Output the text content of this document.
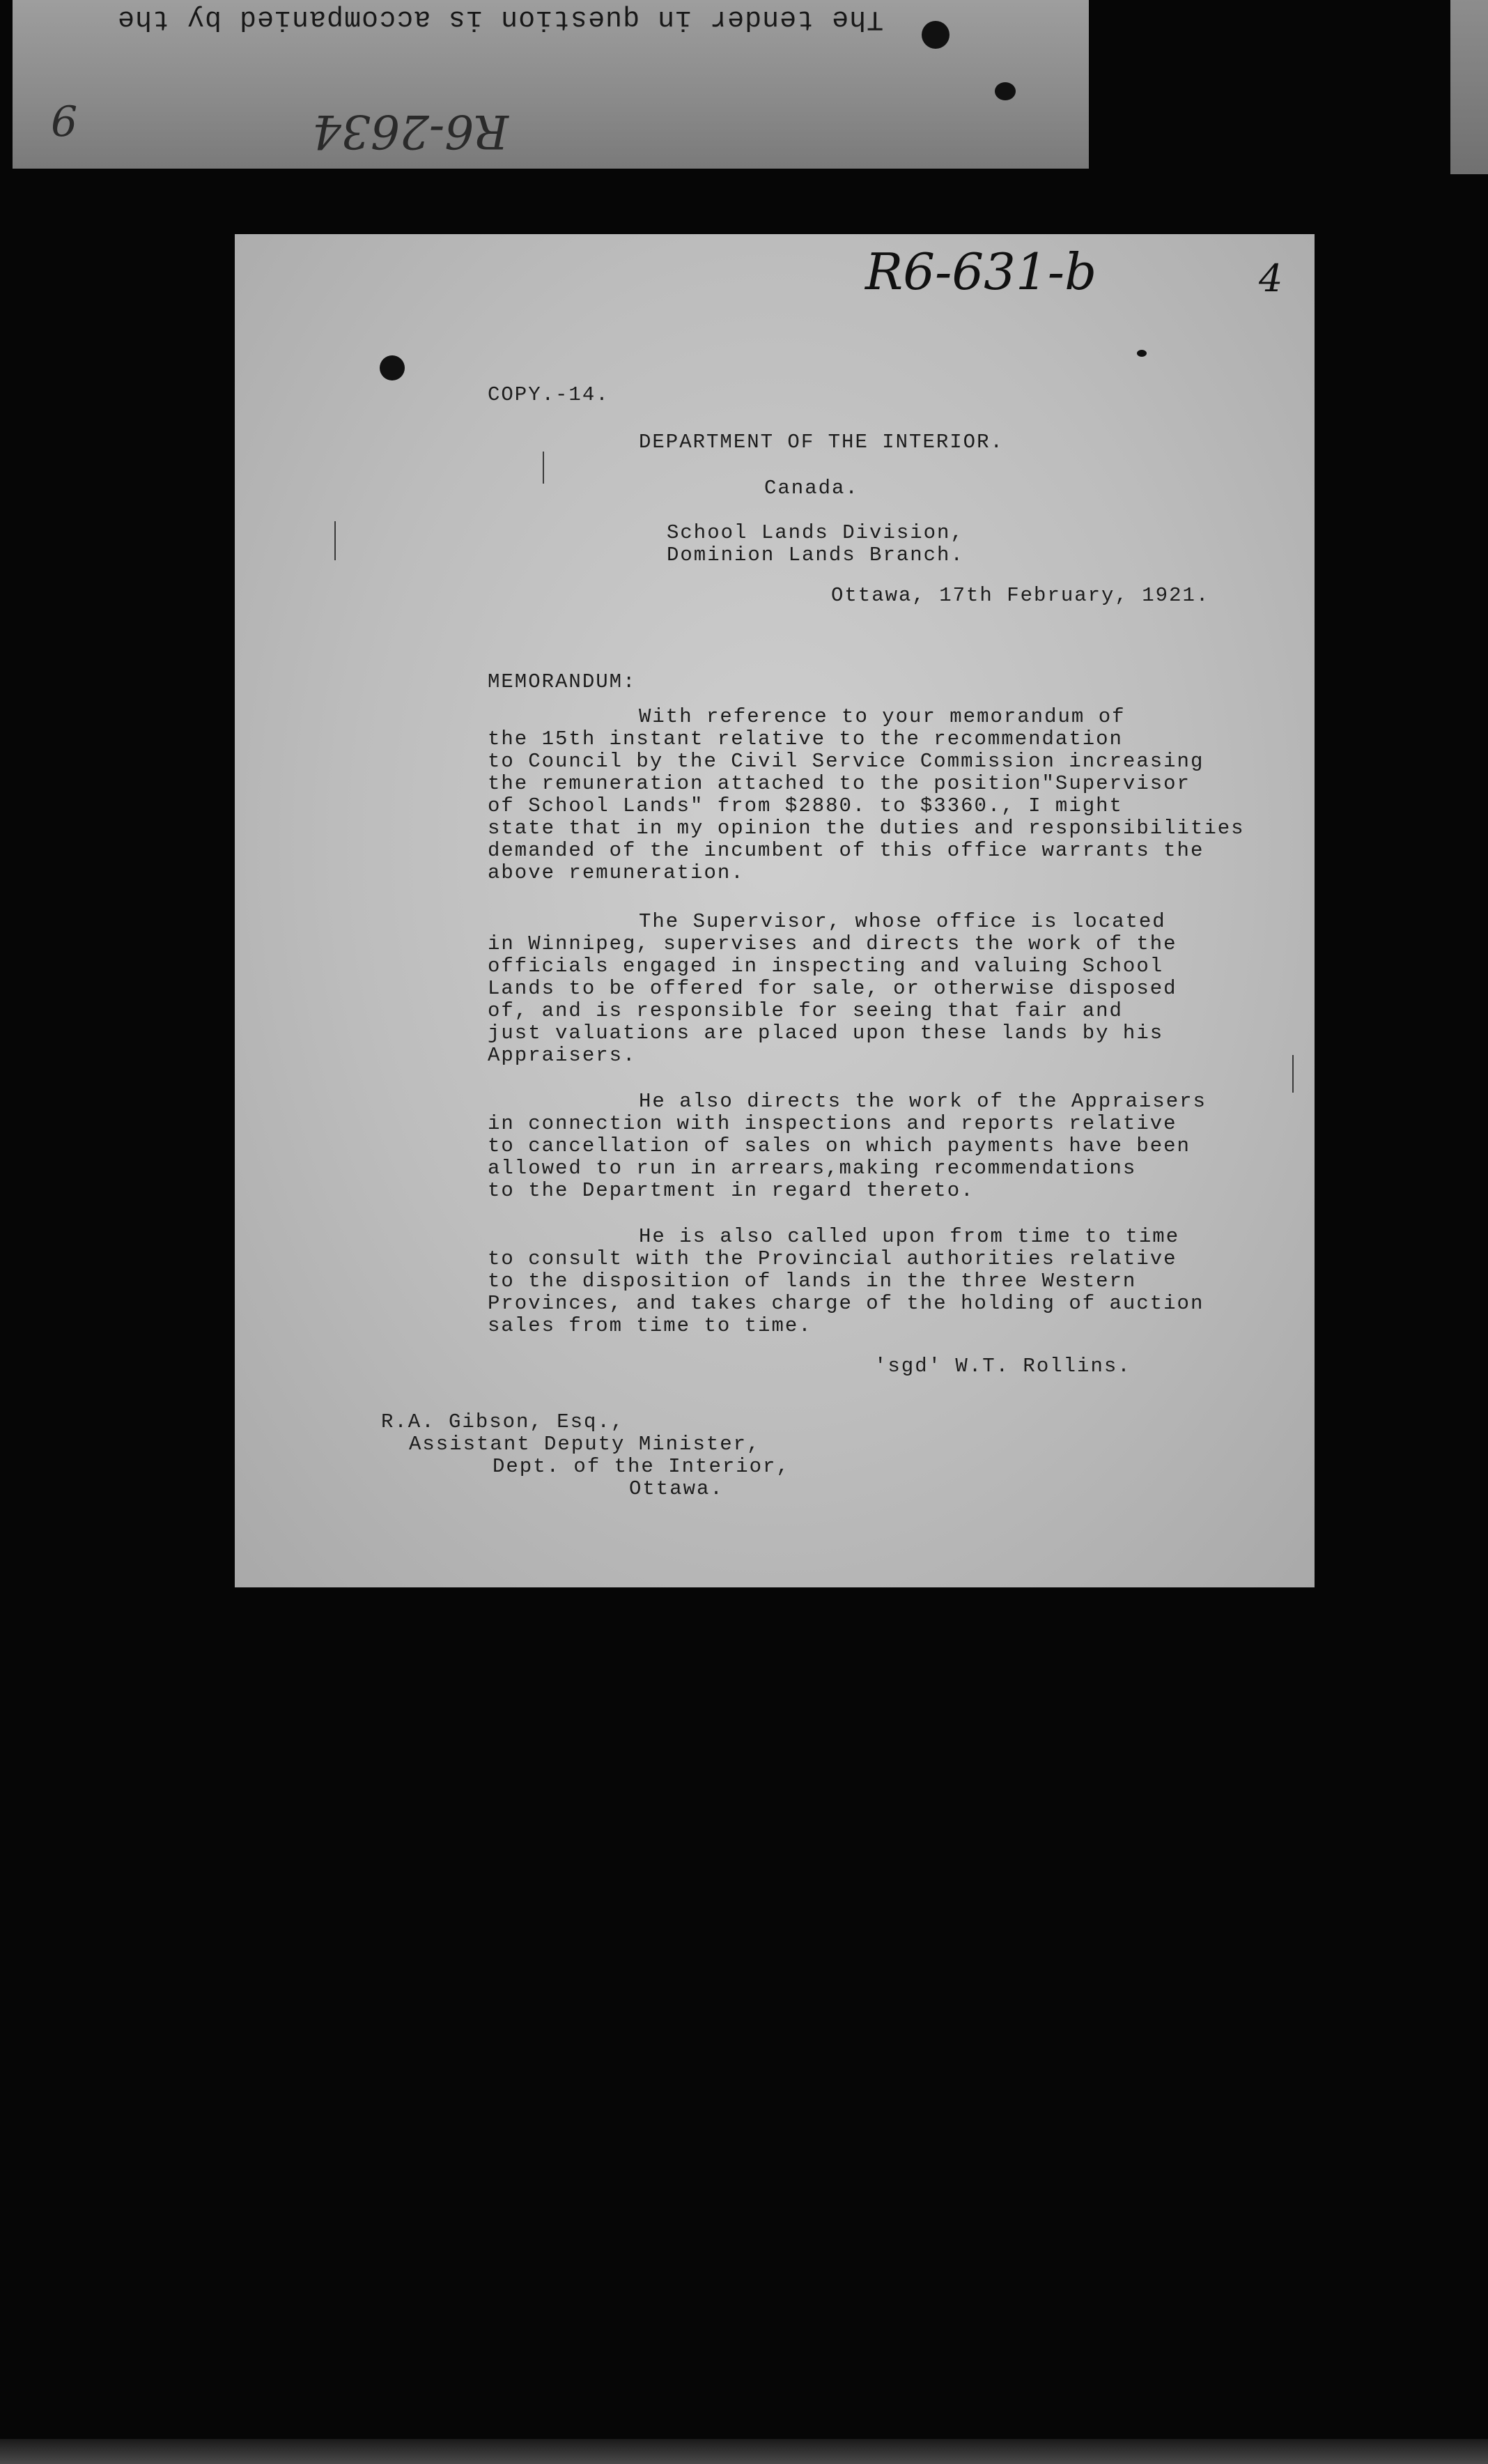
The tender in question is accompanied by the
R6-2634
6
R6-631-b	4
COPY.-14.
DEPARTMENT OF THE INTERIOR.
Canada.
School Lands Division,
Dominion Lands Branch.
Ottawa, 17th February, 1921.
MEMORANDUM:
With reference to your memorandum of
the 15th instant relative to the recommendation
to Council by the Civil Service Commission increasing
the remuneration attached to the position"Supervisor
of School Lands" from $2880. to $3360., I might
state that in my opinion the duties and responsibilities
demanded of the incumbent of this office warrants the
above remuneration.
The Supervisor, whose office is located
in Winnipeg, supervises and directs the work of the
officials engaged in inspecting and valuing School
Lands to be offered for sale, or otherwise disposed
of, and is responsible for seeing that fair and
just valuations are placed upon these lands by his
Appraisers.
He also directs the work of the Appraisers
in connection with inspections and reports relative
to cancellation of sales on which payments have been
allowed to run in arrears,making recommendations
to the Department in regard thereto.
He is also called upon from time to time
to consult with the Provincial authorities relative
to the disposition of lands in the three Western
Provinces, and takes charge of the holding of auction
sales from time to time.
'sgd' W.T. Rollins.
R.A. Gibson, Esq.,
Assistant Deputy Minister,
Dept. of the Interior,
Ottawa.
